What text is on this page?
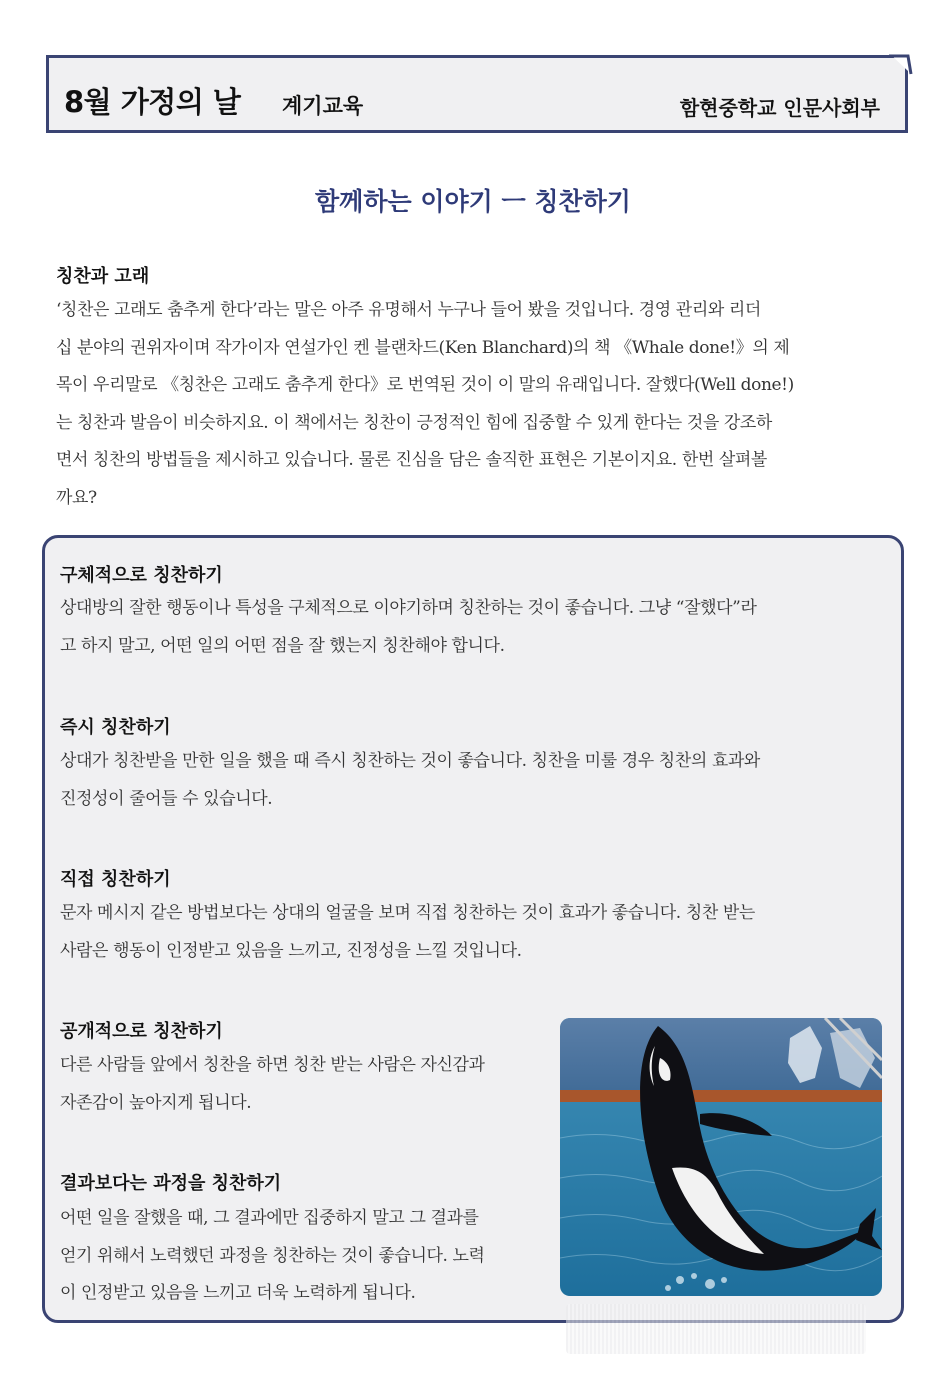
8월 가정의 날 계기교육	함현중학교 인문사회부
함께하는 이야기 ㅡ 칭찬하기
칭찬과 고래
‘칭찬은 고래도 춤추게 한다’라는 말은 아주 유명해서 누구나 들어 봤을 것입니다. 경영 관리와 리더
십 분야의 권위자이며 작가이자 연설가인 켄 블랜차드(Ken Blanchard)의 책 《Whale done!》의 제
목이 우리말로 《칭찬은 고래도 춤추게 한다》로 번역된 것이 이 말의 유래입니다. 잘했다(Well done!)
는 칭찬과 발음이 비슷하지요. 이 책에서는 칭찬이 긍정적인 힘에 집중할 수 있게 한다는 것을 강조하
면서 칭찬의 방법들을 제시하고 있습니다. 물론 진심을 담은 솔직한 표현은 기본이지요. 한번 살펴볼
까요?
구체적으로 칭찬하기
상대방의 잘한 행동이나 특성을 구체적으로 이야기하며 칭찬하는 것이 좋습니다. 그냥 “잘했다”라
고 하지 말고, 어떤 일의 어떤 점을 잘 했는지 칭찬해야 합니다.
즉시 칭찬하기
상대가 칭찬받을 만한 일을 했을 때 즉시 칭찬하는 것이 좋습니다. 칭찬을 미룰 경우 칭찬의 효과와
진정성이 줄어들 수 있습니다.
직접 칭찬하기
문자 메시지 같은 방법보다는 상대의 얼굴을 보며 직접 칭찬하는 것이 효과가 좋습니다. 칭찬 받는
사람은 행동이 인정받고 있음을 느끼고, 진정성을 느낄 것입니다.
공개적으로 칭찬하기
다른 사람들 앞에서 칭찬을 하면 칭찬 받는 사람은 자신감과
자존감이 높아지게 됩니다.
결과보다는 과정을 칭찬하기
어떤 일을 잘했을 때, 그 결과에만 집중하지 말고 그 결과를
얻기 위해서 노력했던 과정을 칭찬하는 것이 좋습니다. 노력
이 인정받고 있음을 느끼고 더욱 노력하게 됩니다.
